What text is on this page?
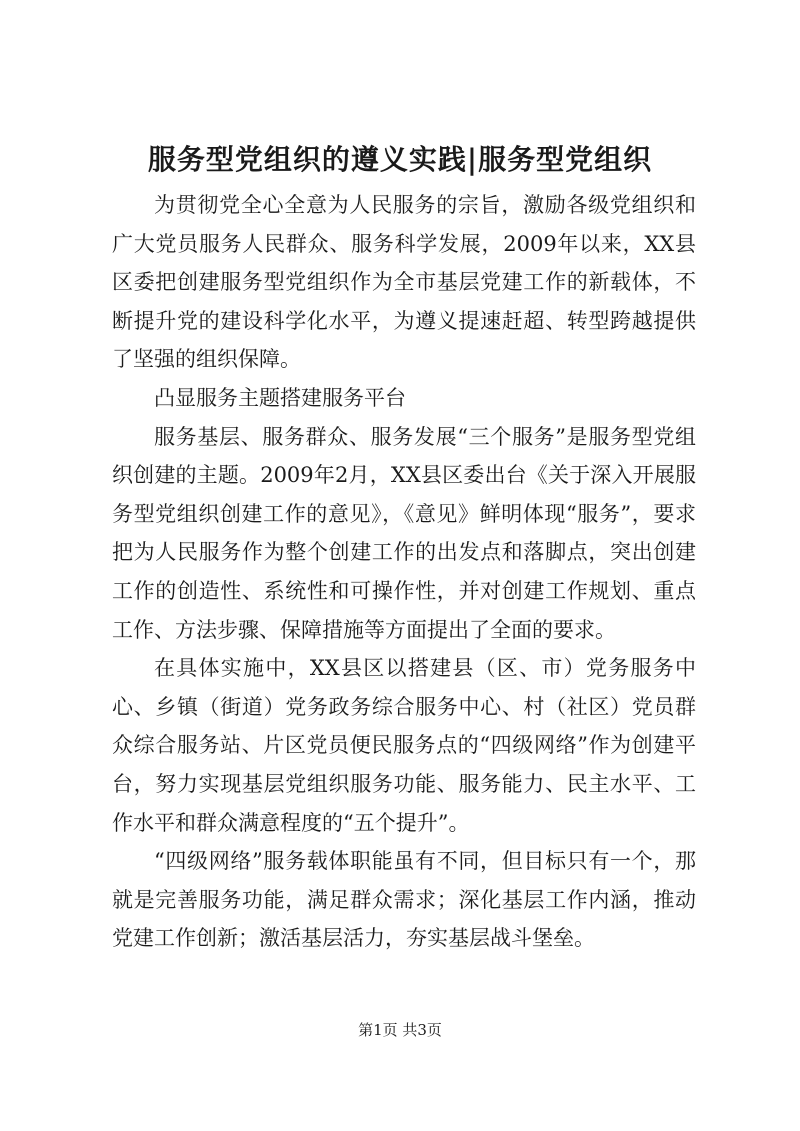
服务型党组织的遵义实践|服务型党组织

为贯彻党全心全意为人民服务的宗旨，激励各级党组织和广大党员服务人民群众、服务科学发展，2009年以来，XX县区委把创建服务型党组织作为全市基层党建工作的新载体，不断提升党的建设科学化水平，为遵义提速赶超、转型跨越提供了坚强的组织保障。

凸显服务主题搭建服务平台

服务基层、服务群众、服务发展“三个服务”是服务型党组织创建的主题。2009年2月，XX县区委出台《关于深入开展服务型党组织创建工作的意见》，《意见》鲜明体现“服务”，要求把为人民服务作为整个创建工作的出发点和落脚点，突出创建工作的创造性、系统性和可操作性，并对创建工作规划、重点工作、方法步骤、保障措施等方面提出了全面的要求。

在具体实施中，XX县区以搭建县（区、市）党务服务中心、乡镇（街道）党务政务综合服务中心、村（社区）党员群众综合服务站、片区党员便民服务点的“四级网络”作为创建平台，努力实现基层党组织服务功能、服务能力、民主水平、工作水平和群众满意程度的“五个提升”。

“四级网络”服务载体职能虽有不同，但目标只有一个，那就是完善服务功能，满足群众需求；深化基层工作内涵，推动党建工作创新；激活基层活力，夯实基层战斗堡垒。

第1页 共3页
